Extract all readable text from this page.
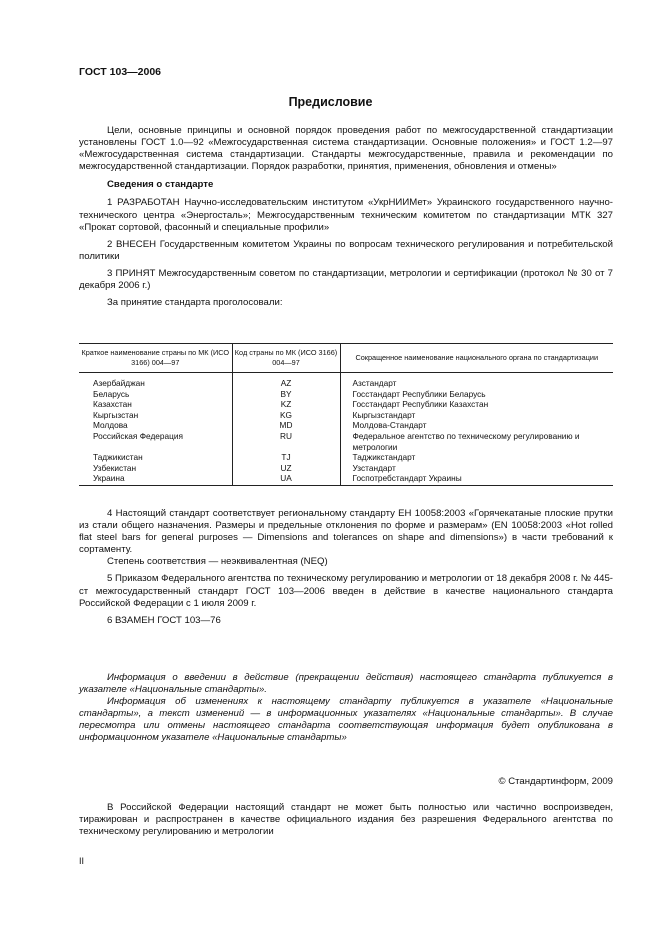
ГОСТ 103—2006
Предисловие

Цели, основные принципы и основной порядок проведения работ по межгосударственной стандартизации установлены ГОСТ 1.0—92 «Межгосударственная система стандартизации. Основные положения» и ГОСТ 1.2—97 «Межгосударственная система стандартизации. Стандарты межгосударственные, правила и рекомендации по межгосударственной стандартизации. Порядок разработки, принятия, применения, обновления и отмены»

Сведения о стандарте

1 РАЗРАБОТАН Научно-исследовательским институтом «УкрНИИМет» Украинского государственного научно-технического центра «Энергосталь»; Межгосударственным техническим комитетом по стандартизации МТК 327 «Прокат сортовой, фасонный и специальные профили»

2 ВНЕСЕН Государственным комитетом Украины по вопросам технического регулирования и потребительской политики

3 ПРИНЯТ Межгосударственным советом по стандартизации, метрологии и сертификации (протокол № 30 от 7 декабря 2006 г.)

За принятие стандарта проголосовали:

Краткое наименование страны по МК (ИСО 3166) 004—97	Код страны по МК (ИСО 3166) 004—97	Сокращенное наименование национального органа по стандартизации
Азербайджан	AZ	Азстандарт
Беларусь	BY	Госстандарт Республики Беларусь
Казахстан	KZ	Госстандарт Республики Казахстан
Кыргызстан	KG	Кыргызстандарт
Молдова	MD	Молдова-Стандарт
Российская Федерация	RU	Федеральное агентство по техническому регулированию и метрологии
Таджикистан	TJ	Таджикстандарт
Узбекистан	UZ	Узстандарт
Украина	UA	Госпотребстандарт Украины

4 Настоящий стандарт соответствует региональному стандарту ЕН 10058:2003 «Горячекатаные плоские прутки из стали общего назначения. Размеры и предельные отклонения по форме и размерам» (EN 10058:2003 «Hot rolled flat steel bars for general purposes — Dimensions and tolerances on shape and dimensions») в части требований к сортаменту.

Степень соответствия — неэквивалентная (NEQ)

5 Приказом Федерального агентства по техническому регулированию и метрологии от 18 декабря 2008 г. № 445-ст межгосударственный стандарт ГОСТ 103—2006 введен в действие в качестве национального стандарта Российской Федерации с 1 июля 2009 г.

6 ВЗАМЕН ГОСТ 103—76

Информация о введении в действие (прекращении действия) настоящего стандарта публикуется в указателе «Национальные стандарты».

Информация об изменениях к настоящему стандарту публикуется в указателе «Национальные стандарты», а текст изменений — в информационных указателях «Национальные стандарты». В случае пересмотра или отмены настоящего стандарта соответствующая информация будет опубликована в информационном указателе «Национальные стандарты»

© Стандартинформ, 2009

В Российской Федерации настоящий стандарт не может быть полностью или частично воспроизведен, тиражирован и распространен в качестве официального издания без разрешения Федерального агентства по техническому регулированию и метрологии

II
